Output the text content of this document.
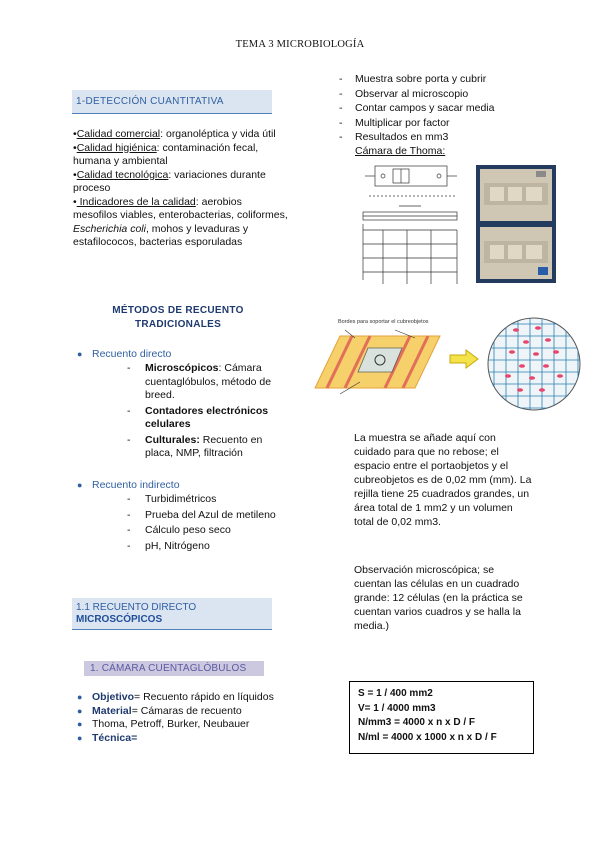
TEMA 3 MICROBIOLOGÍA
1-DETECCIÓN CUANTITATIVA
•Calidad comercial: organoléptica y vida útil
•Calidad higiénica: contaminación fecal, humana y ambiental
•Calidad tecnológica: variaciones durante proceso
• Indicadores de la calidad: aerobios mesofilos viables, enterobacterias, coliformes, Escherichia coli, mohos y levaduras y estafilococos, bacterias esporuladas
MÉTODOS DE RECUENTO TRADICIONALES
● Recuento directo
- Microscópicos: Cámara cuentaglóbulos, método de breed.
- Contadores electrónicos celulares
- Culturales: Recuento en placa, NMP, filtración
● Recuento indirecto
- Turbidimétricos
- Prueba del Azul de metileno
- Cálculo peso seco
- pH, Nitrógeno
1.1 RECUENTO DIRECTO
MICROSCÓPICOS
1. CÁMARA CUENTAGLÓBULOS
● Objetivo= Recuento rápido en líquidos
● Material= Cámaras de recuento
● Thoma, Petroff, Burker, Neubauer
● Técnica=
- Muestra sobre porta y cubrir
- Observar al microscopio
- Contar campos y sacar media
- Multiplicar por factor
- Resultados en mm3
Cámara de Thoma:
Bordes para soportar el cubreobjetos
La muestra se añade aquí con cuidado para que no rebose; el espacio entre el portaobjetos y el cubreobjetos es de 0,02 mm (mm). La rejilla tiene 25 cuadrados grandes, un área total de 1 mm2 y un volumen total de 0,02 mm3.
Observación microscópica; se cuentan las células en un cuadrado grande: 12 células (en la práctica se cuentan varios cuadros y se halla la media.)
S = 1 / 400 mm2
V= 1 / 4000 mm3
N/mm3 = 4000 x n x D / F
N/ml = 4000 x 1000 x n x D / F
